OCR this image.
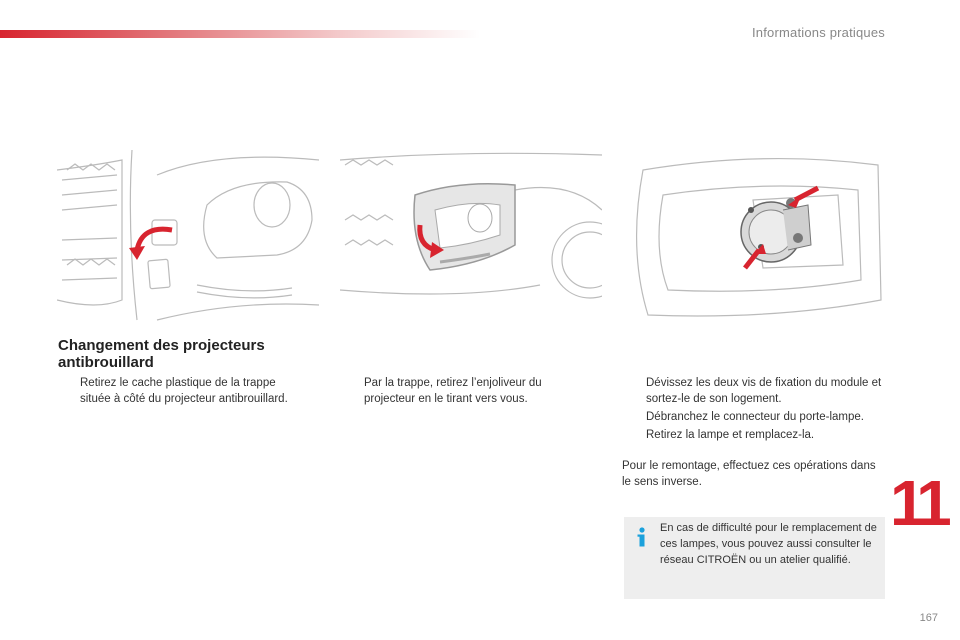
Informations pratiques
Changement des projecteurs antibrouillard
Retirez le cache plastique de la trappe située à côté du projecteur antibrouillard.
Par la trappe, retirez l’enjoliveur du projecteur en le tirant vers vous.
Dévissez les deux vis de fixation du module et sortez-le de son logement.
Débranchez le connecteur du porte-lampe.
Retirez la lampe et remplacez-la.
Pour le remontage, effectuez ces opérations dans le sens inverse.
En cas de difficulté pour le remplacement de ces lampes, vous pouvez aussi consulter le réseau CITROËN ou un atelier qualifié.
11
167
